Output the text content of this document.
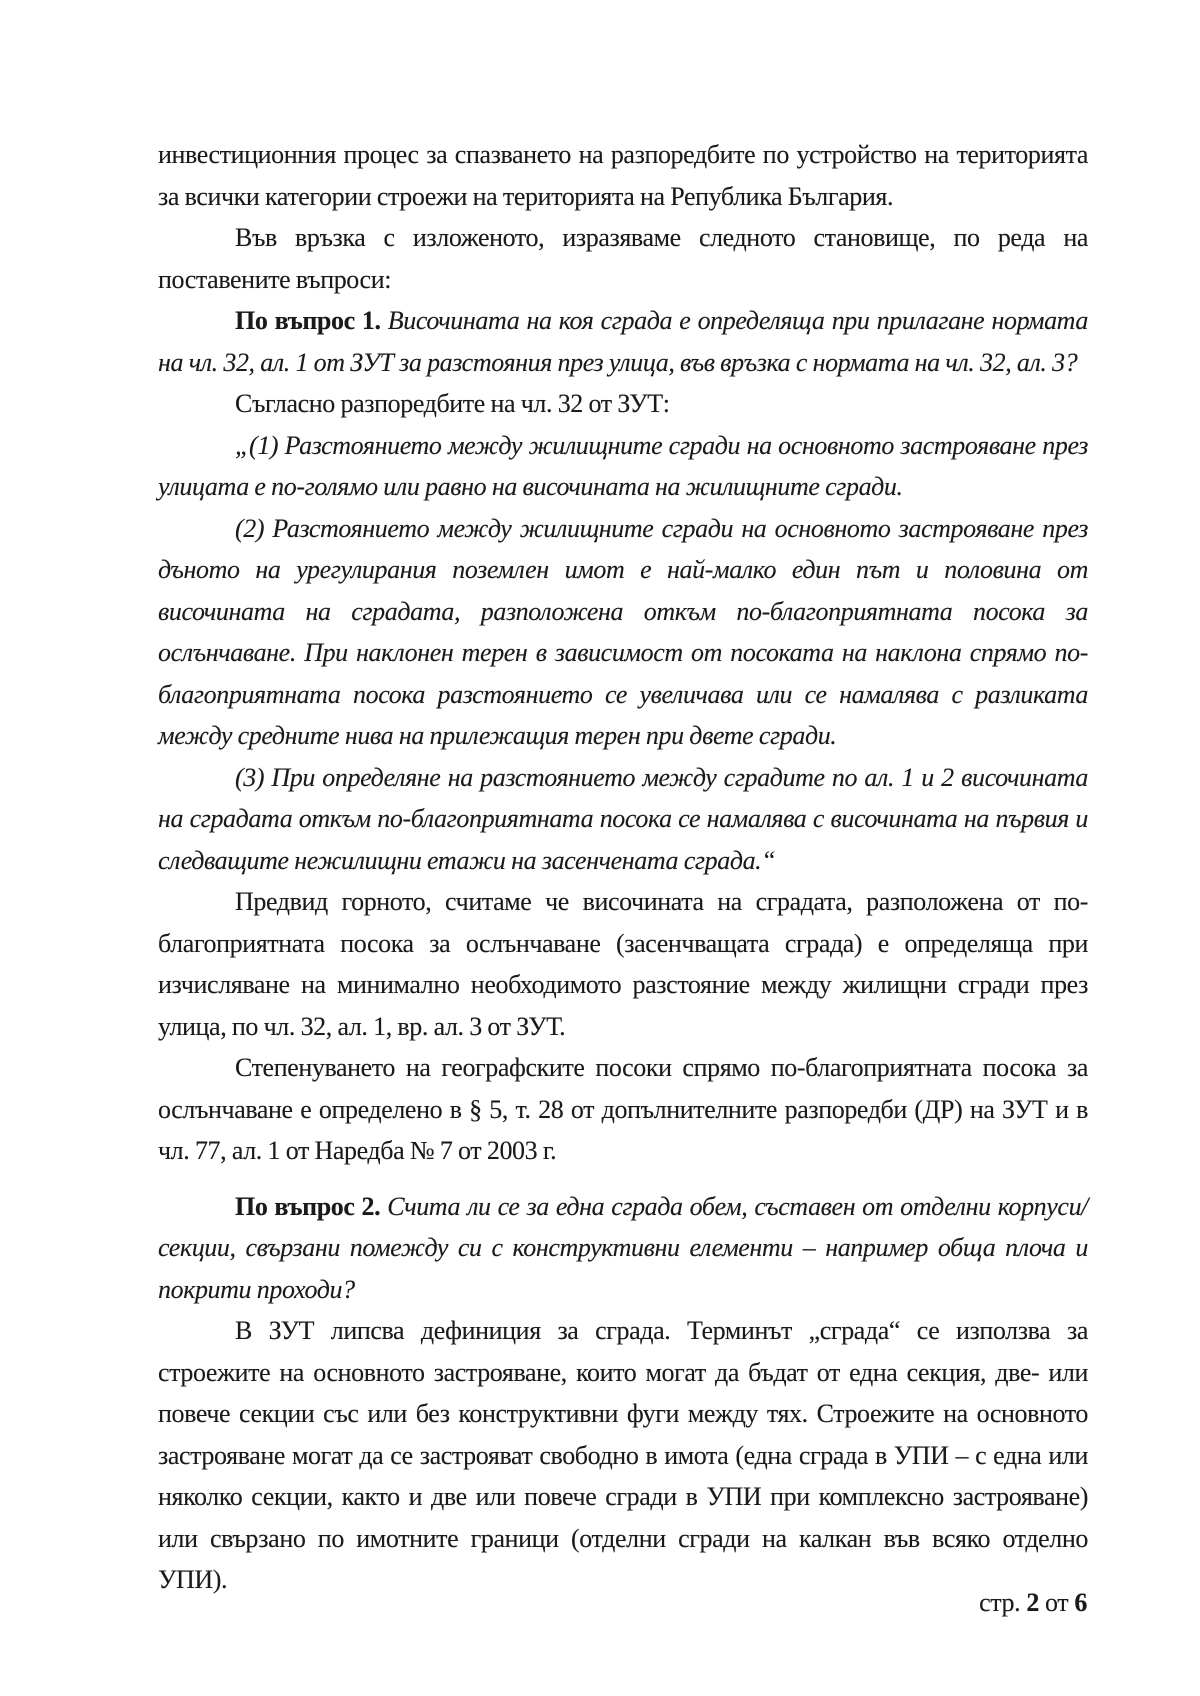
инвестиционния процес за спазването на разпоредбите по устройство на територията за всички категории строежи на територията на Република България.

Във връзка с изложеното, изразяваме следното становище, по реда на поставените въпроси:

По въпрос 1. Височината на коя сграда е определяща при прилагане нормата на чл. 32, ал. 1 от ЗУТ за разстояния през улица, във връзка с нормата на чл. 32, ал. 3?

Съгласно разпоредбите на чл. 32 от ЗУТ:

„(1) Разстоянието между жилищните сгради на основното застрояване през улицата е по-голямо или равно на височината на жилищните сгради.

(2) Разстоянието между жилищните сгради на основното застрояване през дъното на урегулирания поземлен имот е най-малко един път и половина от височината на сградата, разположена откъм по-благоприятната посока за ослънчаване. При наклонен терен в зависимост от посоката на наклона спрямо по-благоприятната посока разстоянието се увеличава или се намалява с разликата между средните нива на прилежащия терен при двете сгради.

(3) При определяне на разстоянието между сградите по ал. 1 и 2 височината на сградата откъм по-благоприятната посока се намалява с височината на първия и следващите нежилищни етажи на засенчената сграда.“

Предвид горното, считаме че височината на сградата, разположена от по-благоприятната посока за ослънчаване (засенчващата сграда) е определяща при изчисляване на минимално необходимото разстояние между жилищни сгради през улица, по чл. 32, ал. 1, вр. ал. 3 от ЗУТ.

Степенуването на географските посоки спрямо по-благоприятната посока за ослънчаване е определено в § 5, т. 28 от допълнителните разпоредби (ДР) на ЗУТ и в чл. 77, ал. 1 от Наредба № 7 от 2003 г.

По въпрос 2. Счита ли се за една сграда обем, съставен от отделни корпуси/секции, свързани помежду си с конструктивни елементи – например обща плоча и покрити проходи?

В ЗУТ липсва дефиниция за сграда. Терминът „сграда“ се използва за строежите на основното застрояване, които могат да бъдат от една секция, две- или повече секции със или без конструктивни фуги между тях. Строежите на основното застрояване могат да се застрояват свободно в имота (една сграда в УПИ – с една или няколко секции, както и две или повече сгради в УПИ при комплексно застрояване) или свързано по имотните граници (отделни сгради на калкан във всяко отделно УПИ).

стр. 2 от 6
